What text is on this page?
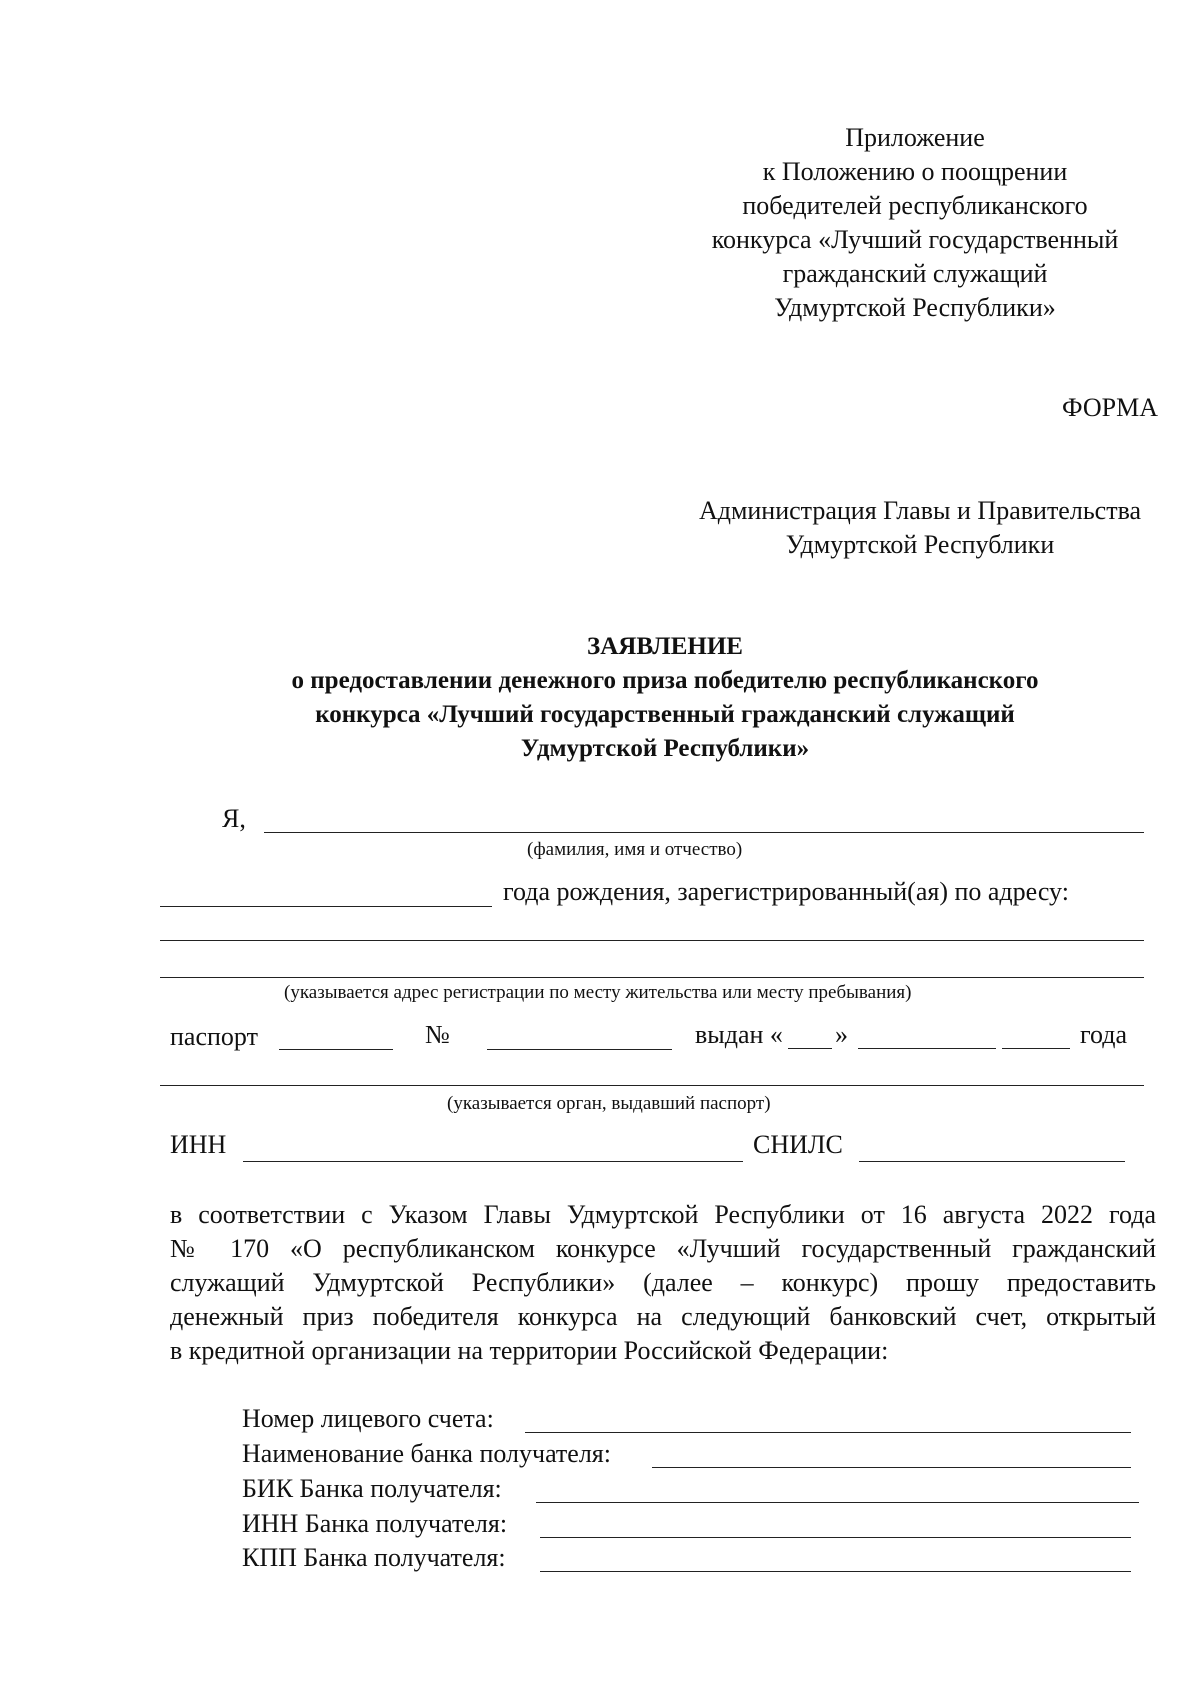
Приложение
к Положению о поощрении
победителей республиканского
конкурса «Лучший государственный
гражданский служащий
Удмуртской Республики»
ФОРМА
Администрация Главы и Правительства
Удмуртской Республики
ЗАЯВЛЕНИЕ
о предоставлении денежного приза победителю республиканского
конкурса «Лучший государственный гражданский служащий
Удмуртской Республики»
Я,
(фамилия, имя и отчество)
года рождения, зарегистрированный(ая) по адресу:
(указывается адрес регистрации по месту жительства или месту пребывания)
паспорт	№	выдан « »	года
(указывается орган, выдавший паспорт)
ИНН	СНИЛС
в соответствии с Указом Главы Удмуртской Республики от 16 августа 2022 года
№ 170 «О республиканском конкурсе «Лучший государственный гражданский
служащий Удмуртской Республики» (далее – конкурс) прошу предоставить
денежный приз победителя конкурса на следующий банковский счет, открытый
в кредитной организации на территории Российской Федерации:
Номер лицевого счета:
Наименование банка получателя:
БИК Банка получателя:
ИНН Банка получателя:
КПП Банка получателя:
